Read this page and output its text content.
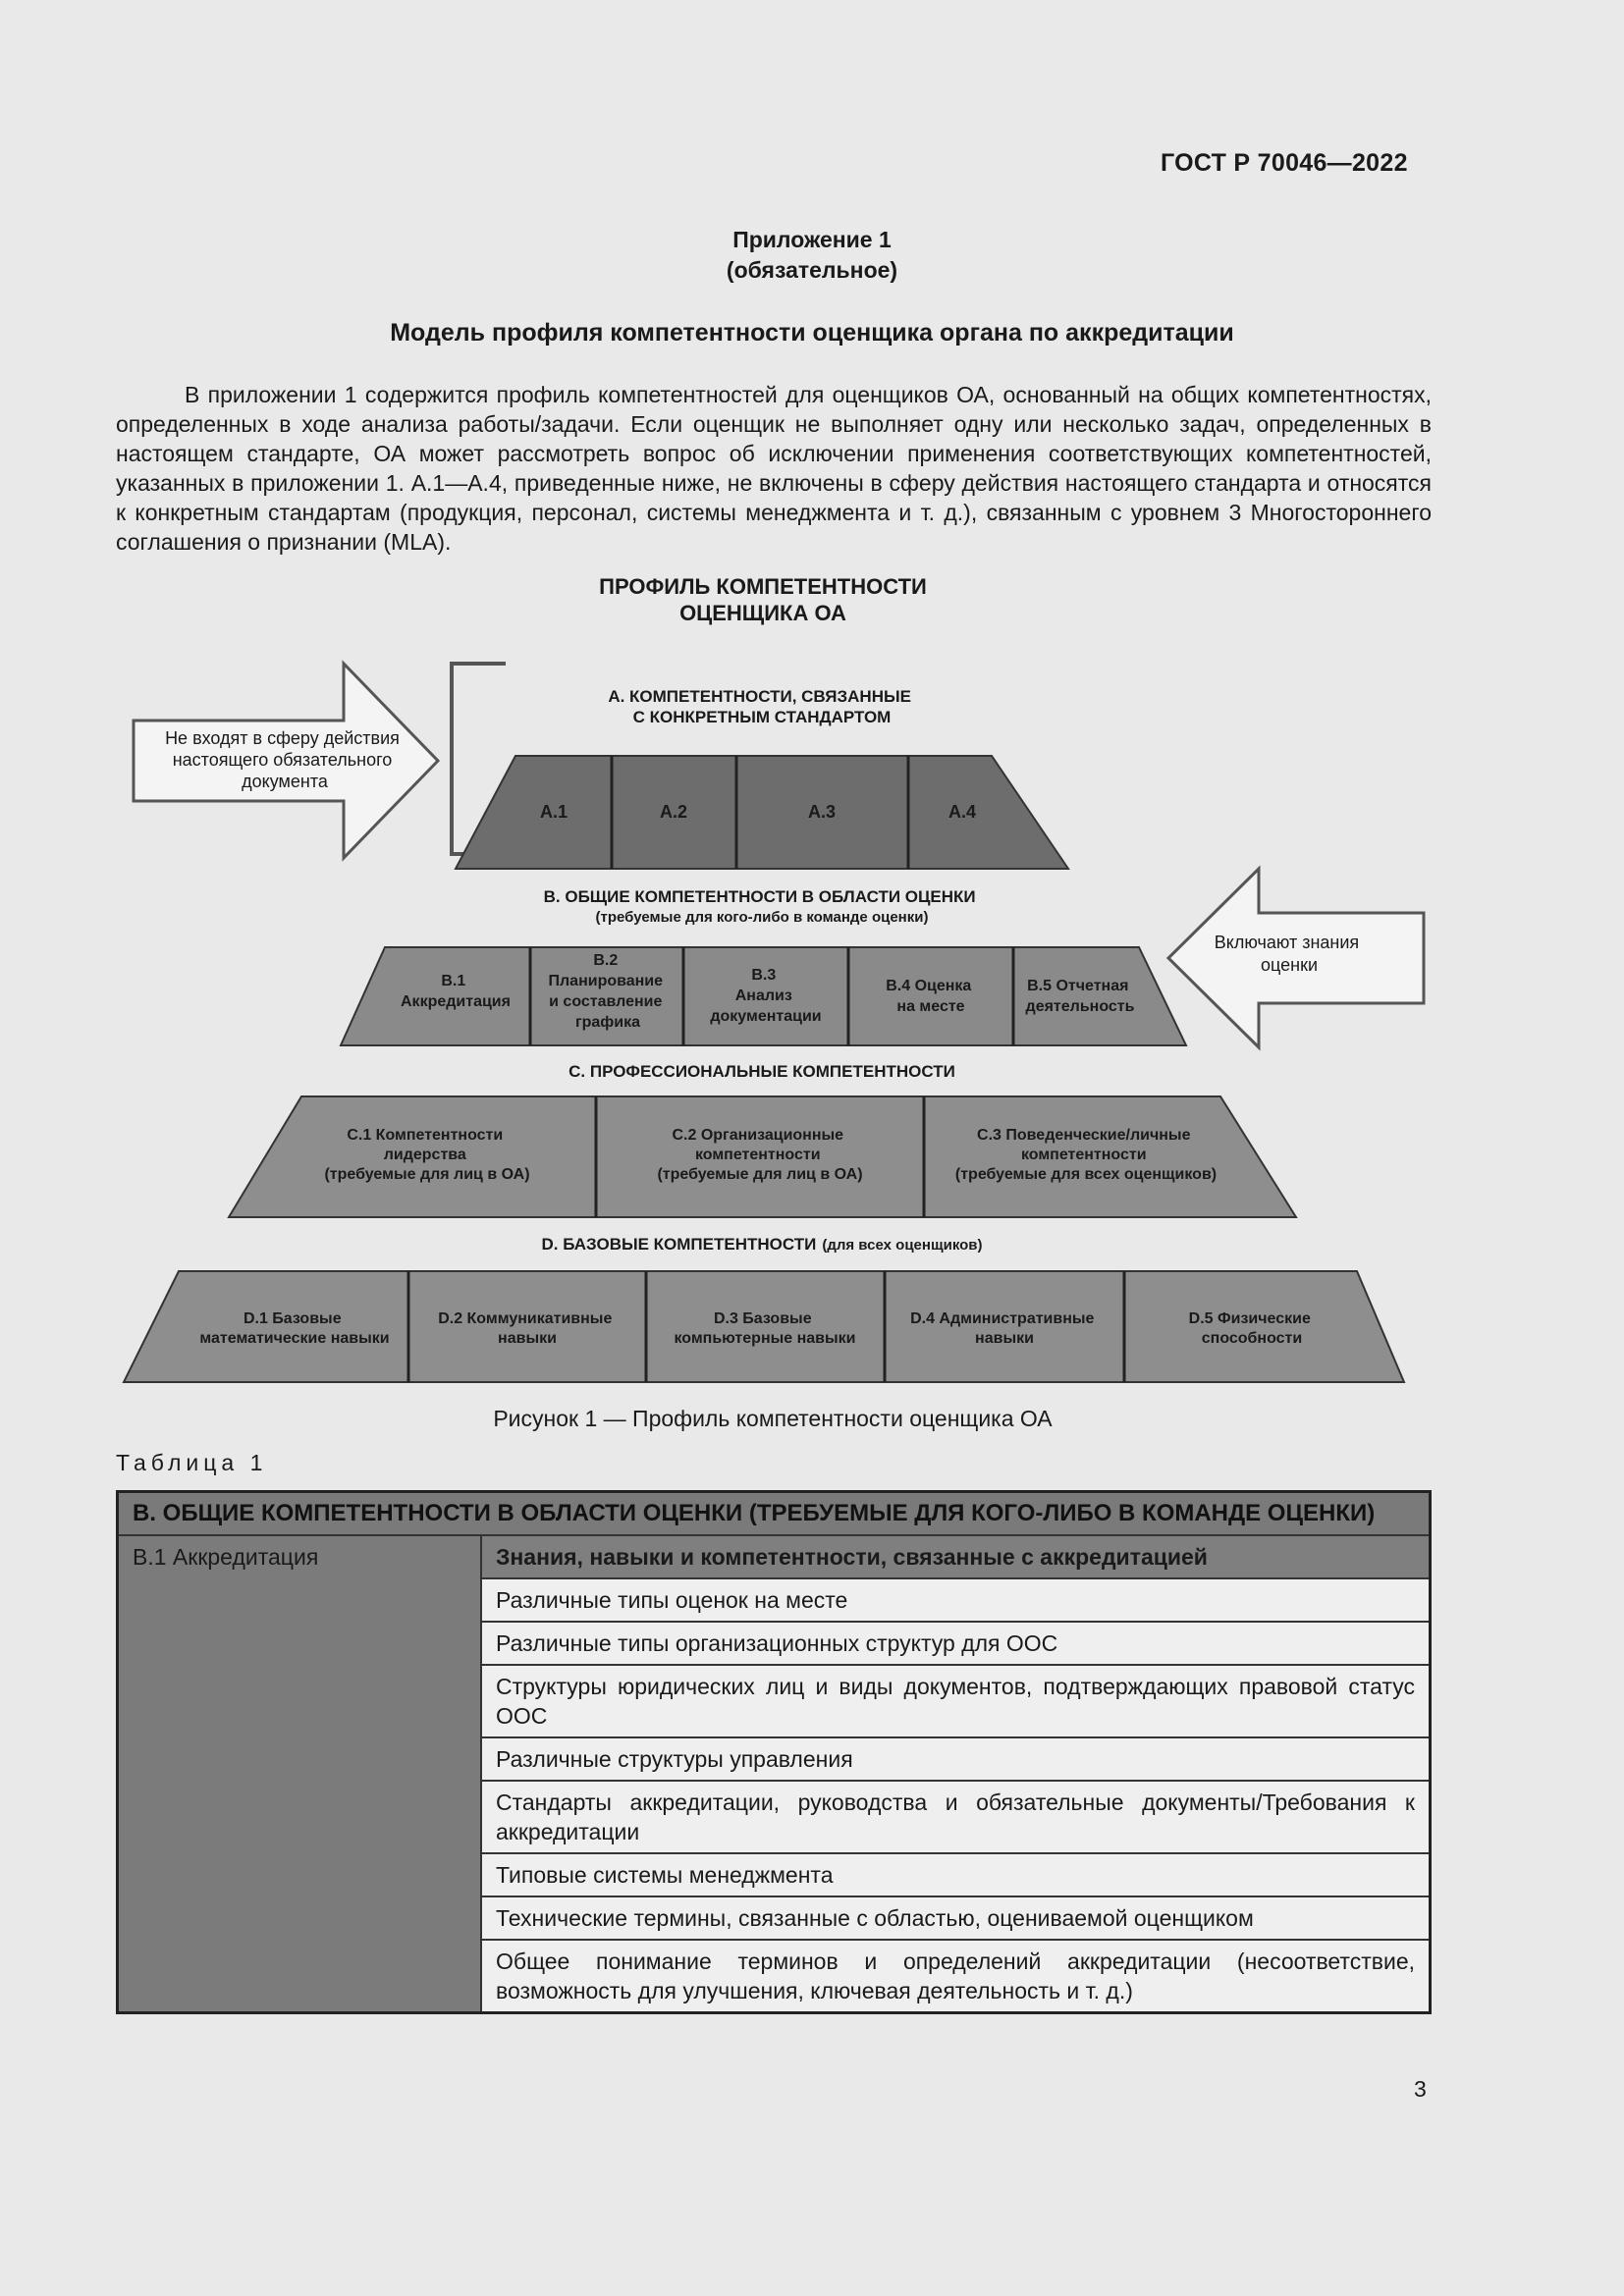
ГОСТ Р 70046—2022
Приложение 1
(обязательное)
Модель профиля компетентности оценщика органа по аккредитации

В приложении 1 содержится профиль компетентностей для оценщиков ОА, основанный на общих компетентностях, определенных в ходе анализа работы/задачи. Если оценщик не выполняет одну или несколько задач, определенных в настоящем стандарте, ОА может рассмотреть вопрос об исключении применения соответствующих компетентностей, указанных в приложении 1. А.1—А.4, приведенные ниже, не включены в сферу действия настоящего стандарта и относятся к конкретным стандартам (продукция, персонал, системы менеджмента и т. д.), связанным с уровнем 3 Многостороннего соглашения о признании (MLA).

ПРОФИЛЬ КОМПЕТЕНТНОСТИ
ОЦЕНЩИКА ОА
Не входят в сферу действия настоящего обязательного документа
А. КОМПЕТЕНТНОСТИ, СВЯЗАННЫЕ С КОНКРЕТНЫМ СТАНДАРТОМ
А.1	А.2	А.3	А.4
В. ОБЩИЕ КОМПЕТЕНТНОСТИ В ОБЛАСТИ ОЦЕНКИ (требуемые для кого-либо в команде оценки)
В.1 Аккредитация
В.2 Планирование и составление графика
В.3 Анализ документации
В.4 Оценка на месте
В.5 Отчетная деятельность
Включают знания оценки
С. ПРОФЕССИОНАЛЬНЫЕ КОМПЕТЕНТНОСТИ
С.1 Компетентности лидерства (требуемые для лиц в ОА)
С.2 Организационные компетентности (требуемые для лиц в ОА)
С.3 Поведенческие/личные компетентности (требуемые для всех оценщиков)
D. БАЗОВЫЕ КОМПЕТЕНТНОСТИ (для всех оценщиков)
D.1 Базовые математические навыки
D.2 Коммуникативные навыки
D.3 Базовые компьютерные навыки
D.4 Административные навыки
D.5 Физические способности
Рисунок 1 — Профиль компетентности оценщика ОА
Таблица 1
В. ОБЩИЕ КОМПЕТЕНТНОСТИ В ОБЛАСТИ ОЦЕНКИ (ТРЕБУЕМЫЕ ДЛЯ КОГО-ЛИБО В КОМАНДЕ ОЦЕНКИ)
В.1 Аккредитация	Знания, навыки и компетентности, связанные с аккредитацией
Различные типы оценок на месте
Различные типы организационных структур для ООС
Структуры юридических лиц и виды документов, подтверждающих правовой статус ООС
Различные структуры управления
Стандарты аккредитации, руководства и обязательные документы/Требования к аккредитации
Типовые системы менеджмента
Технические термины, связанные с областью, оцениваемой оценщиком
Общее понимание терминов и определений аккредитации (несоответствие, возможность для улучшения, ключевая деятельность и т. д.)
3
